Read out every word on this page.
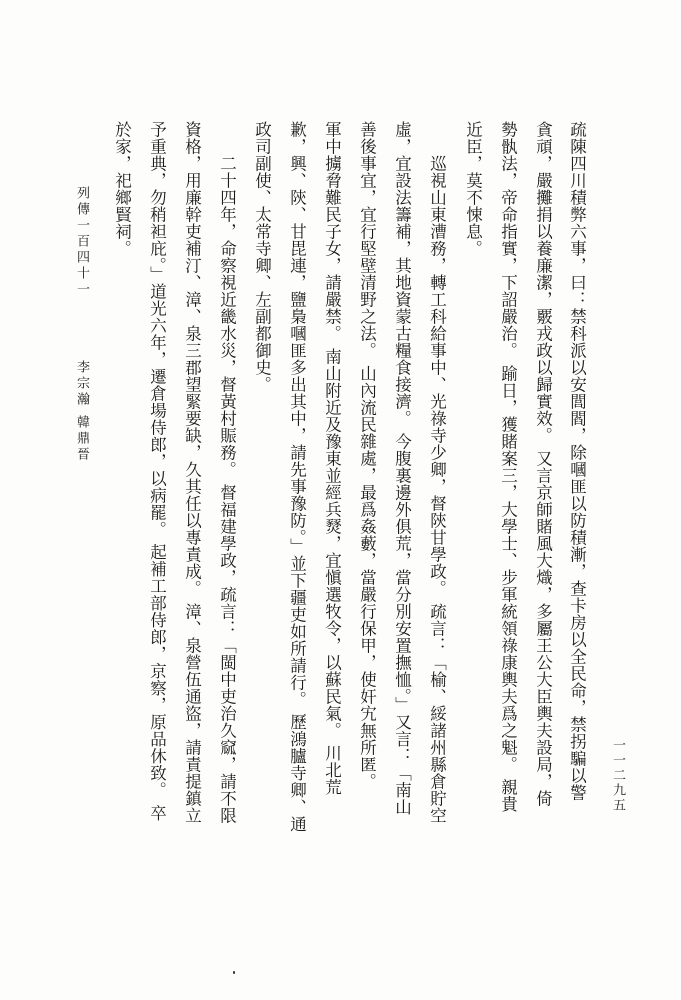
疏陳四川積弊六事，曰：禁科派以安閭閻，除嘓匪以防積漸，查卡房以全民命，禁拐騙以警
貪頑，嚴攤捐以養廉潔，覈戎政以歸實效。 又言京師賭風大熾，多屬王公大臣輿夫設局，倚
勢骫法，帝命指實，下詔嚴治。 踰日，獲賭案三，大學士、步軍統領祿康輿夫爲之魁。 親貴
近臣，莫不悚息。
　　巡視山東漕務，轉工科給事中、光祿寺少卿，督陝甘學政。 疏言：「榆、綏諸州縣倉貯空
虛，宜設法籌補，其地資蒙古糧食接濟。 今腹裏邊外俱荒，當分別安置撫恤。」又言：「南山
善後事宜，宜行堅壁清野之法。 山內流民雜處，最爲姦藪，當嚴行保甲，使奸宄無所匿。
軍中擄脅難民子女，請嚴禁。 南山附近及豫東並經兵燹，宜愼選牧令，以蘇民氣。 川北荒
歉，興、陝、甘毘連，鹽梟嘓匪多出其中，請先事豫防。」並下疆吏如所請行。 歷鴻臚寺卿、通
政司副使、太常寺卿、左副都御史。
　　二十四年，命察視近畿水災，督黃村賑務。 督福建學政，疏言：「閩中吏治久窳，請不限
資格，用廉幹吏補汀、漳、泉三郡望緊要缺，久其任以專責成。 漳、泉營伍通盜，請責提鎮立
予重典，勿稍袒庇。」道光六年，遷倉場侍郎，以病罷。 起補工部侍郎，京察，原品休致。 卒
於家，祀鄉賢祠。
列傳一百四十一
李宗瀚 韓鼎晉
一一二九五
